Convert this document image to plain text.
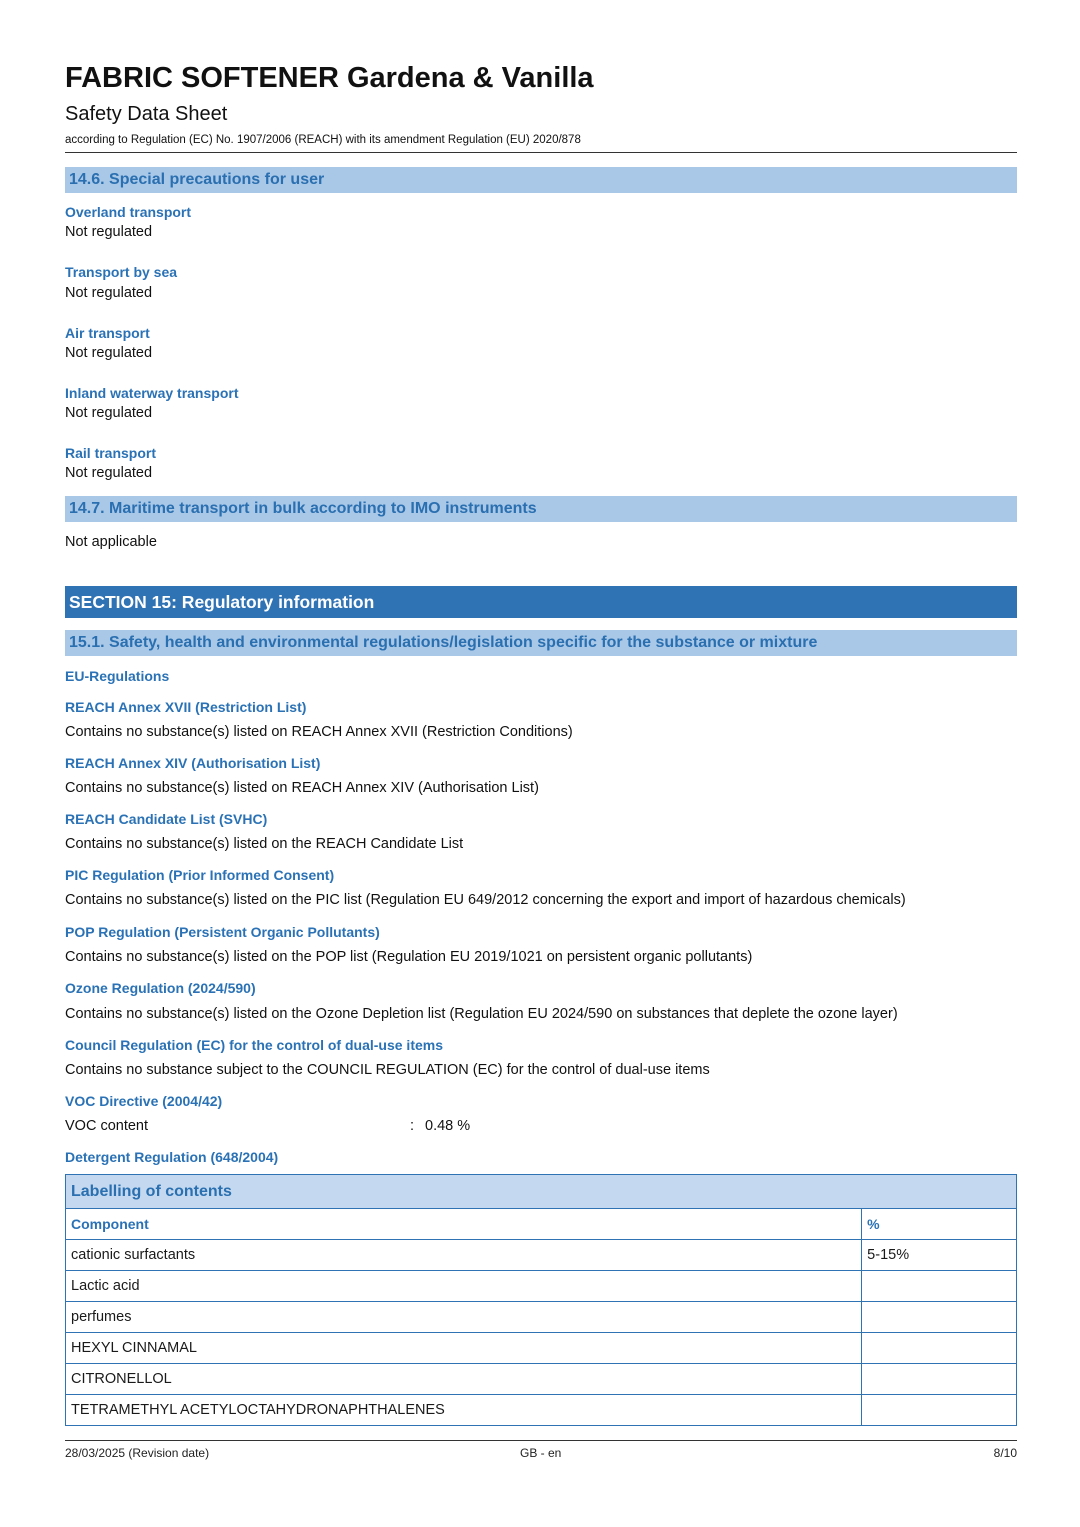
FABRIC SOFTENER Gardena & Vanilla
Safety Data Sheet
according to Regulation (EC) No. 1907/2006 (REACH) with its amendment Regulation (EU) 2020/878
14.6. Special precautions for user
Overland transport
Not regulated
Transport by sea
Not regulated
Air transport
Not regulated
Inland waterway transport
Not regulated
Rail transport
Not regulated
14.7. Maritime transport in bulk according to IMO instruments
Not applicable
SECTION 15: Regulatory information
15.1. Safety, health and environmental regulations/legislation specific for the substance or mixture
EU-Regulations
REACH Annex XVII (Restriction List)
Contains no substance(s) listed on REACH Annex XVII (Restriction Conditions)
REACH Annex XIV (Authorisation List)
Contains no substance(s) listed on REACH Annex XIV (Authorisation List)
REACH Candidate List (SVHC)
Contains no substance(s) listed on the REACH Candidate List
PIC Regulation (Prior Informed Consent)
Contains no substance(s) listed on the PIC list (Regulation EU 649/2012 concerning the export and import of hazardous chemicals)
POP Regulation (Persistent Organic Pollutants)
Contains no substance(s) listed on the POP list (Regulation EU 2019/1021 on persistent organic pollutants)
Ozone Regulation (2024/590)
Contains no substance(s) listed on the Ozone Depletion list (Regulation EU 2024/590 on substances that deplete the ozone layer)
Council Regulation (EC) for the control of dual-use items
Contains no substance subject to the COUNCIL REGULATION (EC) for the control of dual-use items
VOC Directive (2004/42)
VOC content	: 0.48 %
Detergent Regulation (648/2004)
Labelling of contents	
Component	%
cationic surfactants	5-15%
Lactic acid	
perfumes	
HEXYL CINNAMAL	
CITRONELLOL	
TETRAMETHYL ACETYLOCTAHYDRONAPHTHALENES	
28/03/2025 (Revision date)	GB - en	8/10
